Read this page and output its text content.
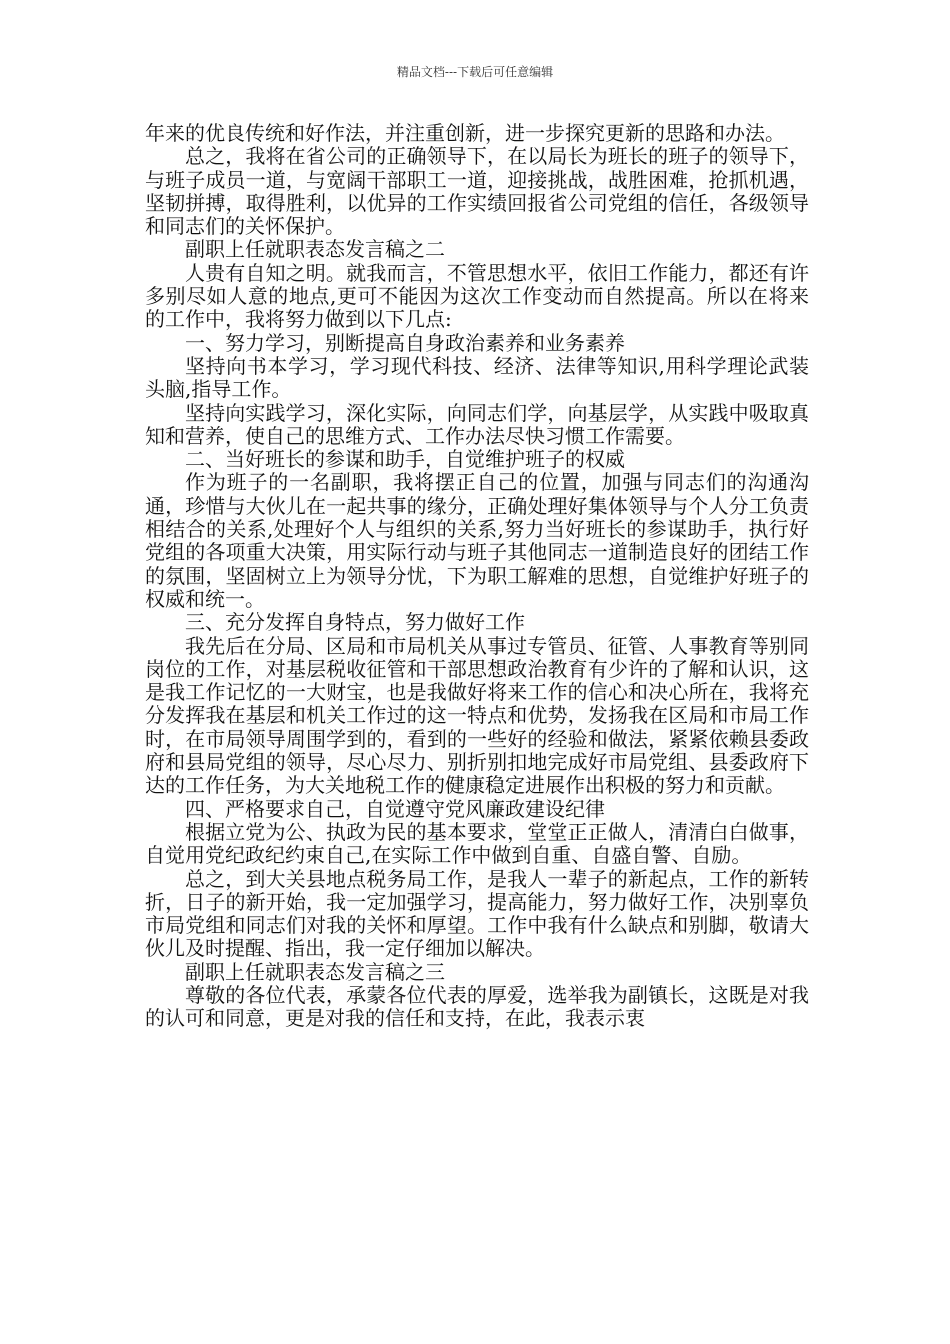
精品文档---下载后可任意编辑

年来的优良传统和好作法，并注重创新，进一步探究更新的思路和办法。

总之，我将在省公司的正确领导下，在以局长为班长的班子的领导下，与班子成员一道，与宽阔干部职工一道，迎接挑战，战胜困难，抢抓机遇，坚韧拼搏，取得胜利，以优异的工作实绩回报省公司党组的信任，各级领导和同志们的关怀保护。

副职上任就职表态发言稿之二

人贵有自知之明。就我而言，不管思想水平，依旧工作能力，都还有许多别尽如人意的地点,更可不能因为这次工作变动而自然提高。所以在将来的工作中，我将努力做到以下几点:

一、努力学习，别断提高自身政治素养和业务素养

坚持向书本学习，学习现代科技、经济、法律等知识,用科学理论武装头脑,指导工作。

坚持向实践学习，深化实际，向同志们学，向基层学，从实践中吸取真知和营养，使自己的思维方式、工作办法尽快习惯工作需要。

二、当好班长的参谋和助手，自觉维护班子的权威

作为班子的一名副职，我将摆正自己的位置，加强与同志们的沟通沟通，珍惜与大伙儿在一起共事的缘分，正确处理好集体领导与个人分工负责相结合的关系,处理好个人与组织的关系,努力当好班长的参谋助手，执行好党组的各项重大决策，用实际行动与班子其他同志一道制造良好的团结工作的氛围，坚固树立上为领导分忧，下为职工解难的思想，自觉维护好班子的权威和统一。

三、充分发挥自身特点，努力做好工作

我先后在分局、区局和市局机关从事过专管员、征管、人事教育等别同岗位的工作，对基层税收征管和干部思想政治教育有少许的了解和认识，这是我工作记忆的一大财宝，也是我做好将来工作的信心和决心所在，我将充分发挥我在基层和机关工作过的这一特点和优势，发扬我在区局和市局工作时，在市局领导周围学到的，看到的一些好的经验和做法，紧紧依赖县委政府和县局党组的领导，尽心尽力、别折别扣地完成好市局党组、县委政府下达的工作任务，为大关地税工作的健康稳定进展作出积极的努力和贡献。

四、严格要求自己，自觉遵守党风廉政建设纪律

根据立党为公、执政为民的基本要求，堂堂正正做人，清清白白做事，自觉用党纪政纪约束自己,在实际工作中做到自重、自盛自警、自励。

总之，到大关县地点税务局工作，是我人一辈子的新起点，工作的新转折，日子的新开始，我一定加强学习，提高能力，努力做好工作，决别辜负市局党组和同志们对我的关怀和厚望。工作中我有什么缺点和别脚，敬请大伙儿及时提醒、指出，我一定仔细加以解决。

副职上任就职表态发言稿之三

尊敬的各位代表，承蒙各位代表的厚爱，选举我为副镇长，这既是对我的认可和同意，更是对我的信任和支持，在此，我表示衷
